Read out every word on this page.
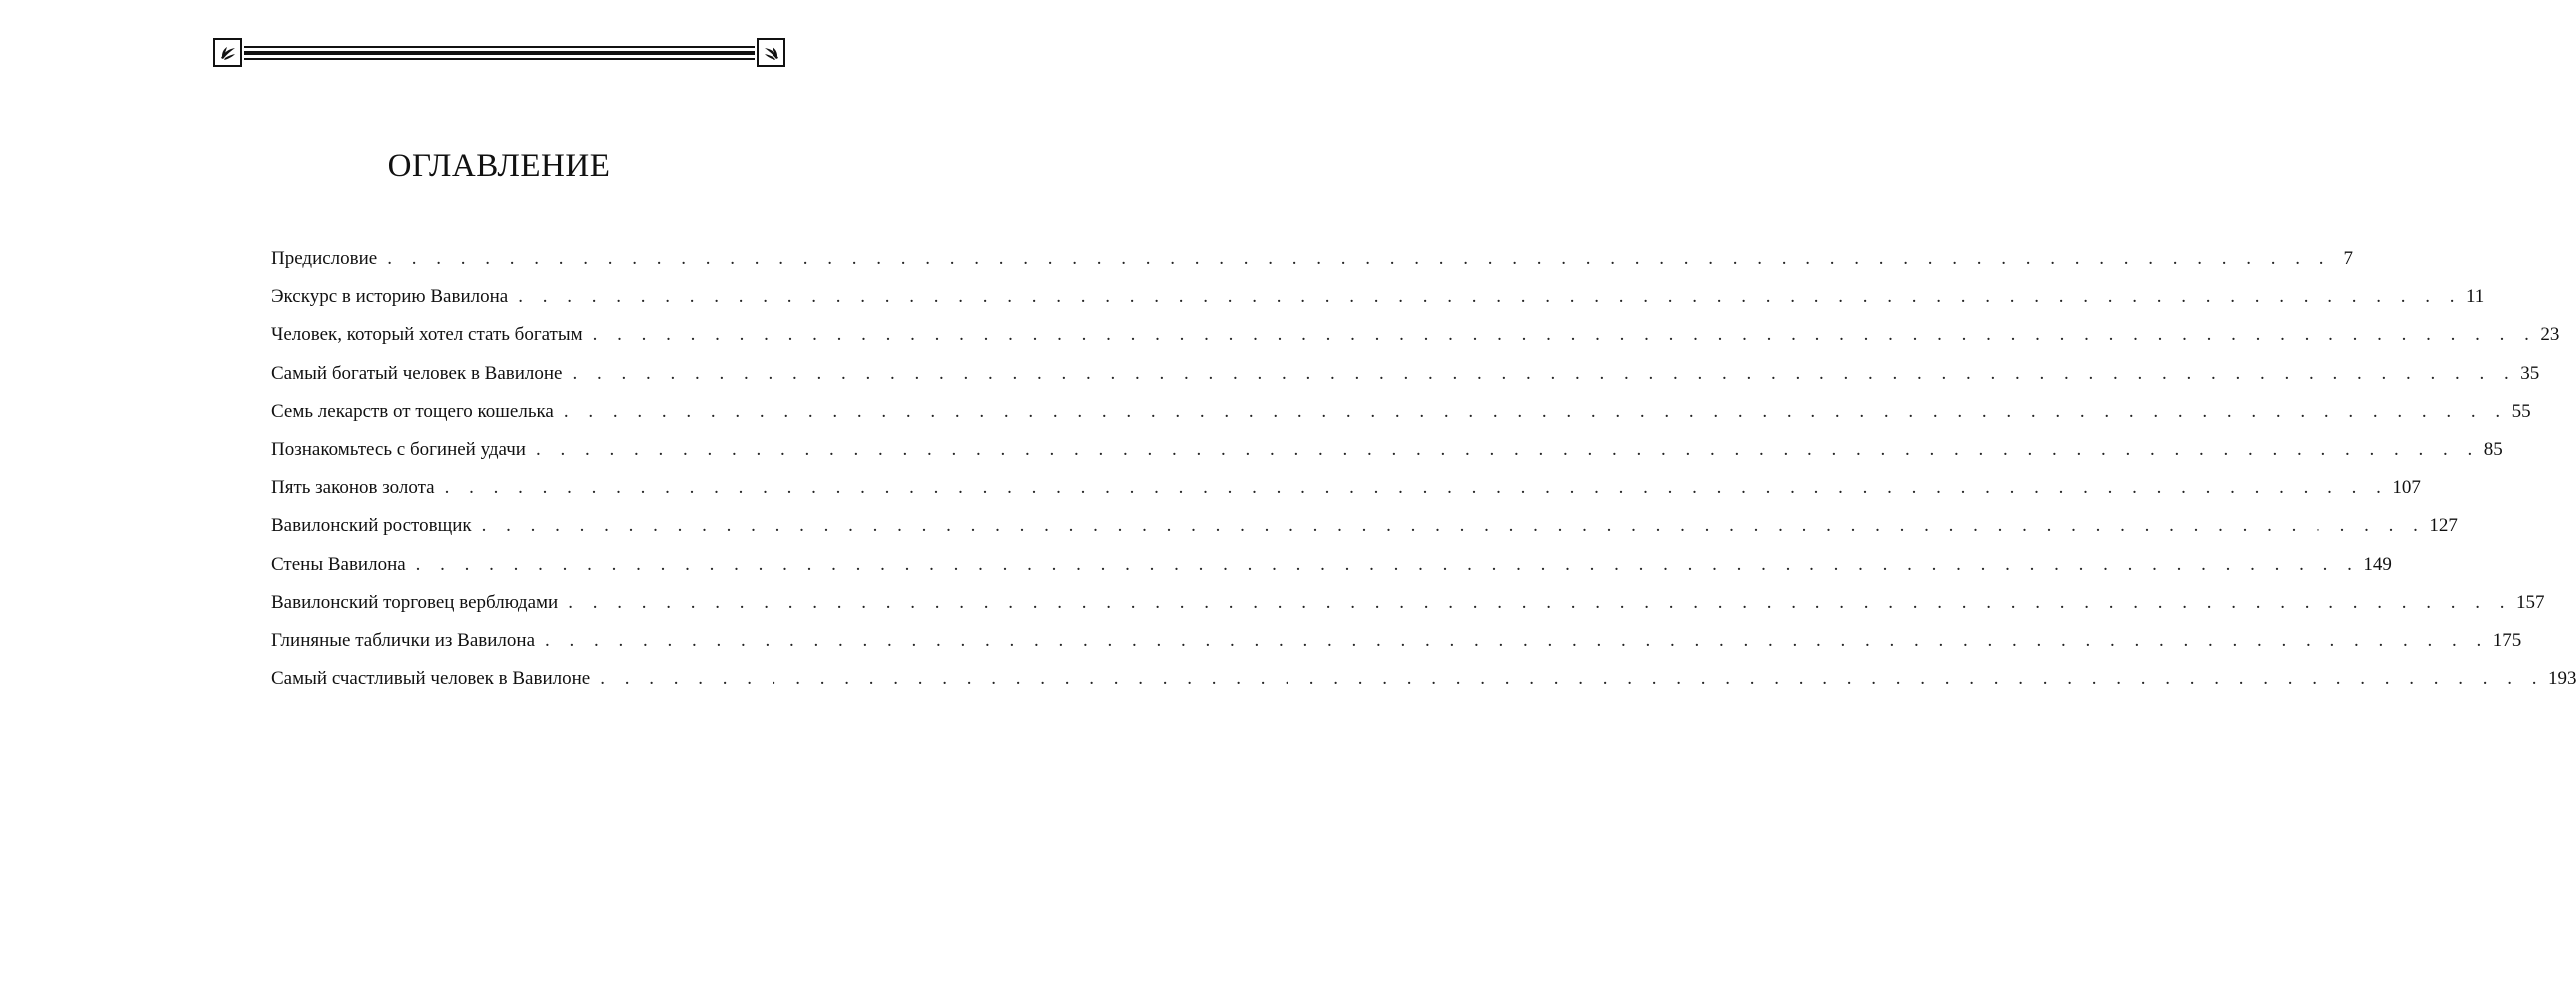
ОГЛАВЛЕНИЕ
Предисловие . . . . . . . . . . . . . . . . . . . . . . . . . . . . . . . . . . . . . . . . . . . . . . . . . . . . . . . . . . . . . . . . . . . . . . . . . . . . . . . . 7
Экскурс в историю Вавилона . . . . . . . . . . . . . . . . . . . . . . . . . . . . . . . . . . . . . . . . . . . . . . . . . . . . . . . . . . . . . . . . . . . . . . . . . . . . . . . . 11
Человек, который хотел стать богатым . . . . . . . . . . . . . . . . . . . . . . . . . . . . . . . . . . . . . . . . . . . . . . . . . . . . . . . . . . . . . . . . . . . . . . . . . . . . . . . . 23
Самый богатый человек в Вавилоне . . . . . . . . . . . . . . . . . . . . . . . . . . . . . . . . . . . . . . . . . . . . . . . . . . . . . . . . . . . . . . . . . . . . . . . . . . . . . . . . 35
Семь лекарств от тощего кошелька . . . . . . . . . . . . . . . . . . . . . . . . . . . . . . . . . . . . . . . . . . . . . . . . . . . . . . . . . . . . . . . . . . . . . . . . . . . . . . . . 55
Познакомьтесь с богиней удачи . . . . . . . . . . . . . . . . . . . . . . . . . . . . . . . . . . . . . . . . . . . . . . . . . . . . . . . . . . . . . . . . . . . . . . . . . . . . . . . . 85
Пять законов золота . . . . . . . . . . . . . . . . . . . . . . . . . . . . . . . . . . . . . . . . . . . . . . . . . . . . . . . . . . . . . . . . . . . . . . . . . . . . . . . . 107
Вавилонский ростовщик . . . . . . . . . . . . . . . . . . . . . . . . . . . . . . . . . . . . . . . . . . . . . . . . . . . . . . . . . . . . . . . . . . . . . . . . . . . . . . . . 127
Стены Вавилона . . . . . . . . . . . . . . . . . . . . . . . . . . . . . . . . . . . . . . . . . . . . . . . . . . . . . . . . . . . . . . . . . . . . . . . . . . . . . . . . 149
Вавилонский торговец верблюдами . . . . . . . . . . . . . . . . . . . . . . . . . . . . . . . . . . . . . . . . . . . . . . . . . . . . . . . . . . . . . . . . . . . . . . . . . . . . . . . . 157
Глиняные таблички из Вавилона . . . . . . . . . . . . . . . . . . . . . . . . . . . . . . . . . . . . . . . . . . . . . . . . . . . . . . . . . . . . . . . . . . . . . . . . . . . . . . . . 175
Самый счастливый человек в Вавилоне . . . . . . . . . . . . . . . . . . . . . . . . . . . . . . . . . . . . . . . . . . . . . . . . . . . . . . . . . . . . . . . . . . . . . . . . . . . . . . . . 193
